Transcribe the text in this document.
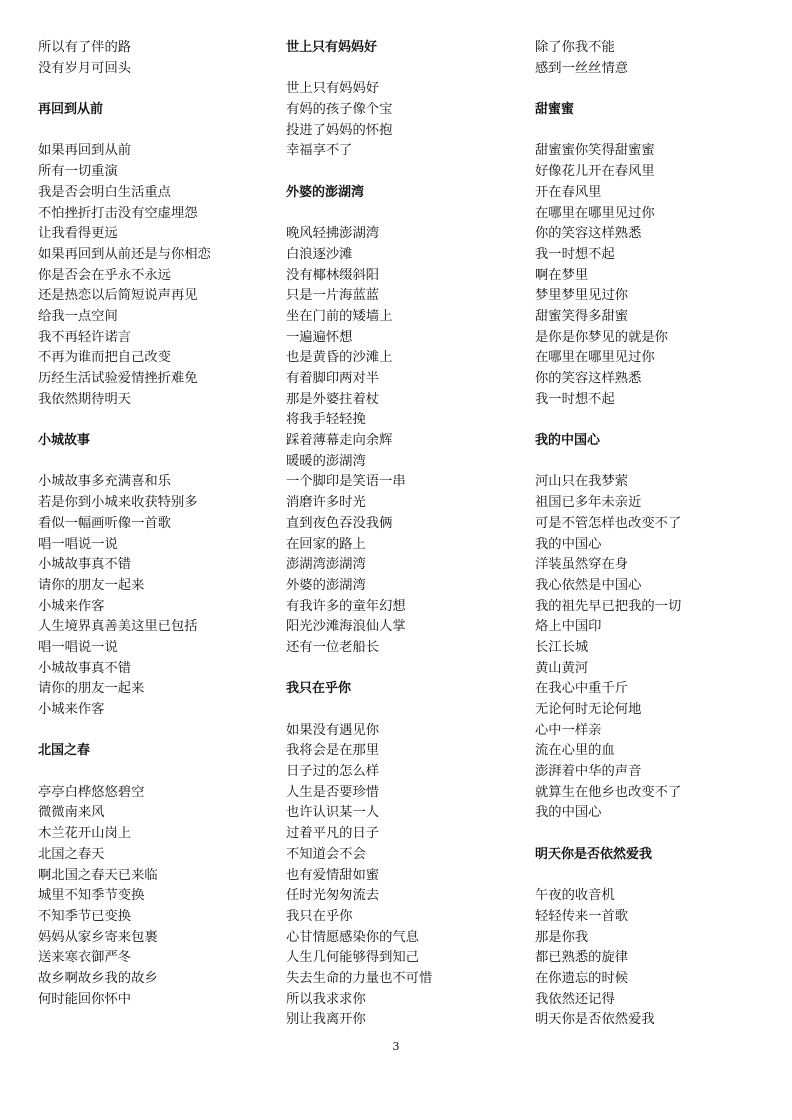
所以有了伴的路
没有岁月可回头
再回到从前
如果再回到从前
所有一切重演
我是否会明白生活重点
不怕挫折打击没有空虚埋怨
让我看得更远
如果再回到从前还是与你相恋
你是否会在乎永不永远
还是热恋以后简短说声再见
给我一点空间
我不再轻许诺言
不再为谁而把自己改变
历经生活试验爱情挫折难免
我依然期待明天
小城故事
小城故事多充满喜和乐
若是你到小城来收获特别多
看似一幅画听像一首歌
唱一唱说一说
小城故事真不错
请你的朋友一起来
小城来作客
人生境界真善美这里已包括
唱一唱说一说
小城故事真不错
请你的朋友一起来
小城来作客
北国之春
亭亭白桦悠悠碧空
微微南来风
木兰花开山岗上
北国之春天
啊北国之春天已来临
城里不知季节变换
不知季节已变换
妈妈从家乡寄来包裹
送来寒衣御严冬
故乡啊故乡我的故乡
何时能回你怀中
世上只有妈妈好
世上只有妈妈好
有妈的孩子像个宝
投进了妈妈的怀抱
幸福享不了
外婆的澎湖湾
晚风轻拂澎湖湾
白浪逐沙滩
没有椰林缀斜阳
只是一片海蓝蓝
坐在门前的矮墙上
一遍遍怀想
也是黄昏的沙滩上
有着脚印两对半
那是外婆拄着杖
将我手轻轻挽
踩着薄幕走向余辉
暖暖的澎湖湾
一个脚印是笑语一串
消磨许多时光
直到夜色吞没我俩
在回家的路上
澎湖湾澎湖湾
外婆的澎湖湾
有我许多的童年幻想
阳光沙滩海浪仙人掌
还有一位老船长
我只在乎你
如果没有遇见你
我将会是在那里
日子过的怎么样
人生是否要珍惜
也许认识某一人
过着平凡的日子
不知道会不会
也有爱情甜如蜜
任时光匆匆流去
我只在乎你
心甘情愿感染你的气息
人生几何能够得到知己
失去生命的力量也不可惜
所以我求求你
别让我离开你
除了你我不能
感到一丝丝情意
甜蜜蜜
甜蜜蜜你笑得甜蜜蜜
好像花儿开在春风里
开在春风里
在哪里在哪里见过你
你的笑容这样熟悉
我一时想不起
啊在梦里
梦里梦里见过你
甜蜜笑得多甜蜜
是你是你梦见的就是你
在哪里在哪里见过你
你的笑容这样熟悉
我一时想不起
我的中国心
河山只在我梦萦
祖国已多年未亲近
可是不管怎样也改变不了
我的中国心
洋装虽然穿在身
我心依然是中国心
我的祖先早已把我的一切
烙上中国印
长江长城
黄山黄河
在我心中重千斤
无论何时无论何地
心中一样亲
流在心里的血
澎湃着中华的声音
就算生在他乡也改变不了
我的中国心
明天你是否依然爱我
午夜的收音机
轻轻传来一首歌
那是你我
都已熟悉的旋律
在你遗忘的时候
我依然还记得
明天你是否依然爱我
3
